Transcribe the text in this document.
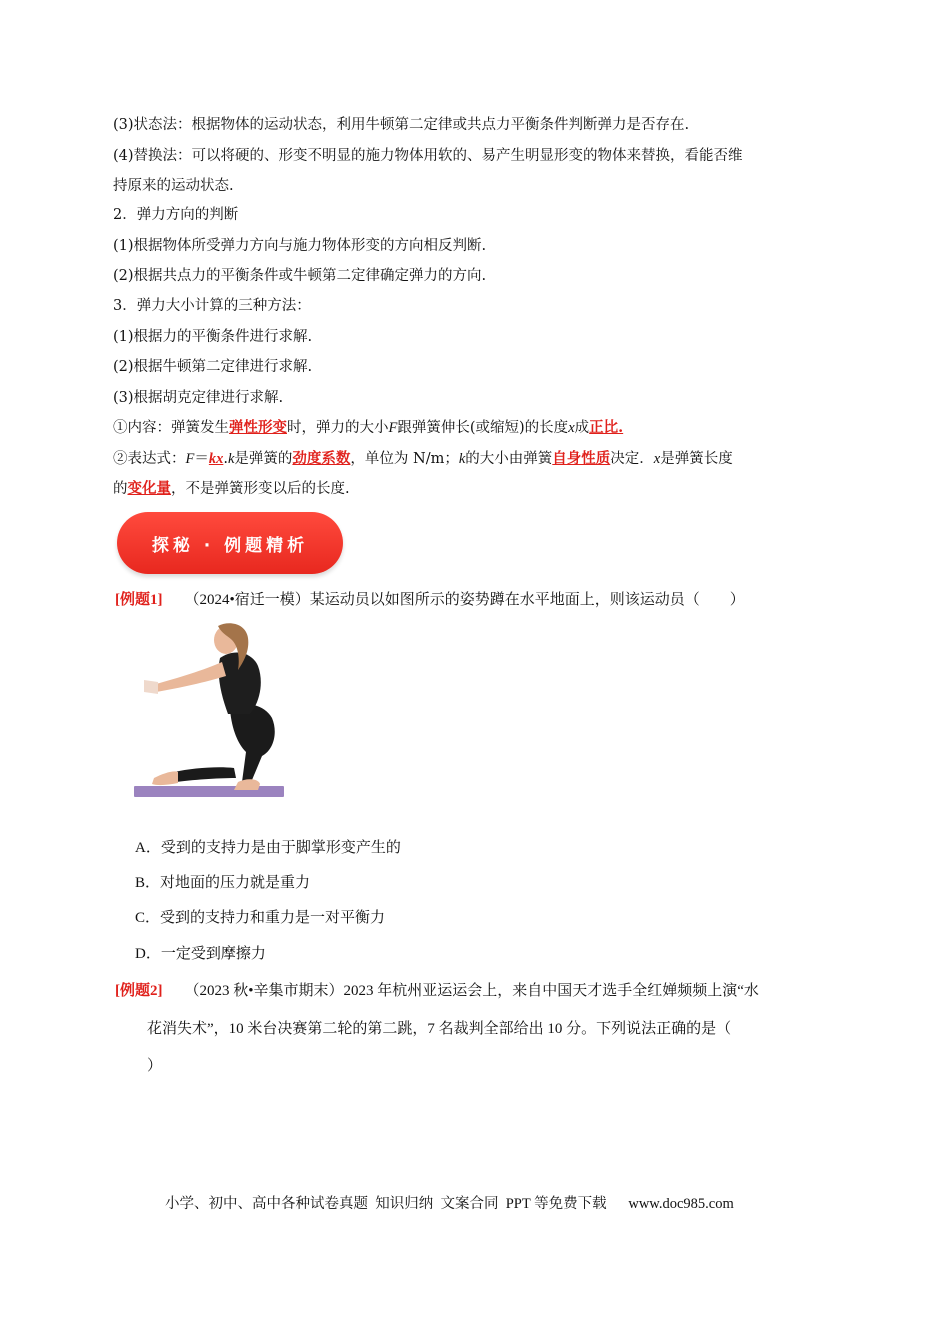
(3)状态法：根据物体的运动状态，利用牛顿第二定律或共点力平衡条件判断弹力是否存在.
(4)替换法：可以将硬的、形变不明显的施力物体用软的、易产生明显形变的物体来替换，看能否维
持原来的运动状态.
2．弹力方向的判断
(1)根据物体所受弹力方向与施力物体形变的方向相反判断.
(2)根据共点力的平衡条件或牛顿第二定律确定弹力的方向.
3．弹力大小计算的三种方法：
(1)根据力的平衡条件进行求解.
(2)根据牛顿第二定律进行求解.
(3)根据胡克定律进行求解.
①内容：弹簧发生弹性形变时，弹力的大小F跟弹簧伸长(或缩短)的长度x成正比.
②表达式：F＝kx.k是弹簧的劲度系数，单位为 N/m；k的大小由弹簧自身性质决定．x是弹簧长度
的变化量，不是弹簧形变以后的长度.
探秘 · 例题精析
[例题1] （2024•宿迁一模）某运动员以如图所示的姿势蹲在水平地面上，则该运动员（　　）
A．受到的支持力是由于脚掌形变产生的
B．对地面的压力就是重力
C．受到的支持力和重力是一对平衡力
D．一定受到摩擦力
[例题2] （2023 秋•辛集市期末）2023 年杭州亚运运会上，来自中国天才选手全红婵频频上演“水
花消失术”，10 米台决赛第二轮的第二跳，7 名裁判全部给出 10 分。下列说法正确的是（
）
小学、初中、高中各种试卷真题  知识归纳  文案合同  PPT 等免费下载      www.doc985.com
